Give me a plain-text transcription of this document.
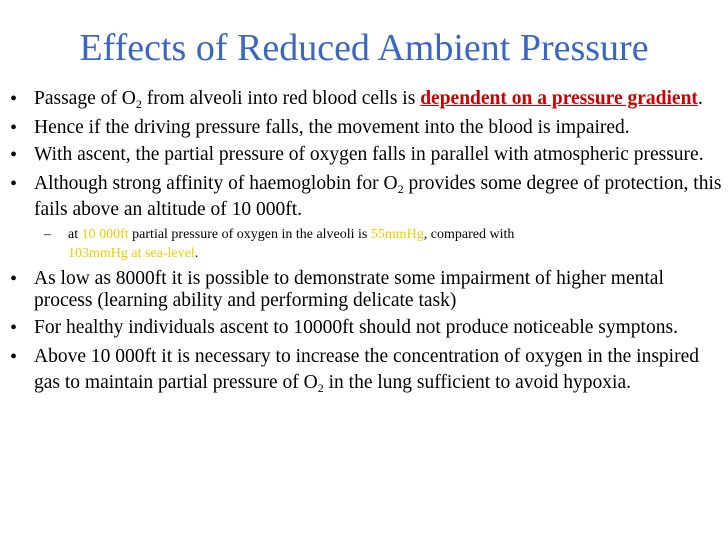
Effects of Reduced Ambient Pressure
• Passage of $O_2$ from alveoli into red blood cells is dependent on a pressure gradient.
• Hence if the driving pressure falls, the movement into the blood is impaired.
• With ascent, the partial pressure of oxygen falls in parallel with atmospheric pressure.
• Although strong affinity of haemoglobin for $O_2$ provides some degree of protection, this fails above an altitude of 10 000ft.
– at 10 000ft partial pressure of oxygen in the alveoli is 55mmHg, compared with
103mmHg at sea-level.
• As low as 8000ft it is possible to demonstrate some impairment of higher mental process (learning ability and performing delicate task)
• For healthy individuals ascent to 10000ft should not produce noticeable symptons.
• Above 10 000ft it is necessary to increase the concentration of oxygen in the inspired gas to maintain partial pressure of $O_2$ in the lung sufficient to avoid hypoxia.
